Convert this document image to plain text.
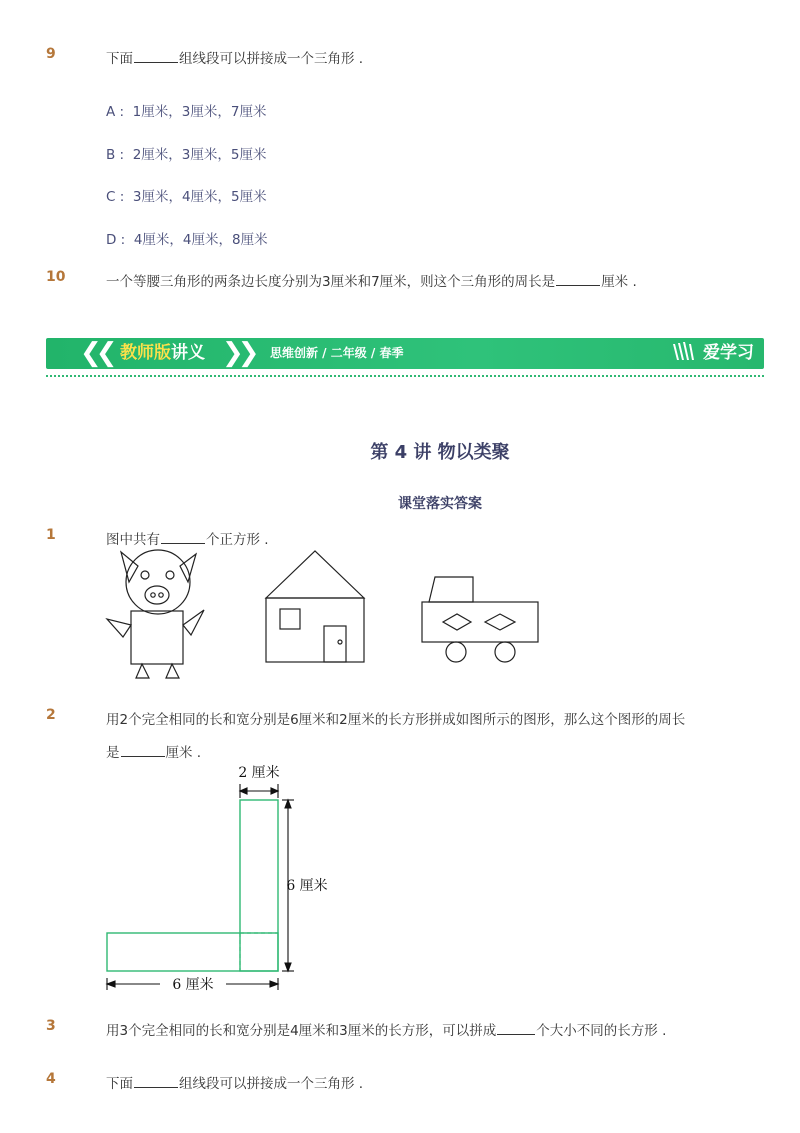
9	下面	组线段可以拼接成一个三角形 .
A : 1厘米，3厘米，7厘米
B : 2厘米，3厘米，5厘米
C : 3厘米，4厘米，5厘米
D : 4厘米，4厘米，8厘米
10	一个等腰三角形的两条边长度分别为3厘米和7厘米，则这个三角形的周长是	厘米 .
❮❮ 教师版讲义 ❯❯ 思维创新 / 二年级 / 春季	爱学习
第 4 讲 物以类聚
课堂落实答案
1	图中共有	个正方形 .
2	用2个完全相同的长和宽分别是6厘米和2厘米的长方形拼成如图所示的图形，那么这个图形的周长
是	厘米 .
2 厘米
6 厘米
6 厘米
3	用3个完全相同的长和宽分别是4厘米和3厘米的长方形，可以拼成	个大小不同的长方形 .
4	下面	组线段可以拼接成一个三角形 .
